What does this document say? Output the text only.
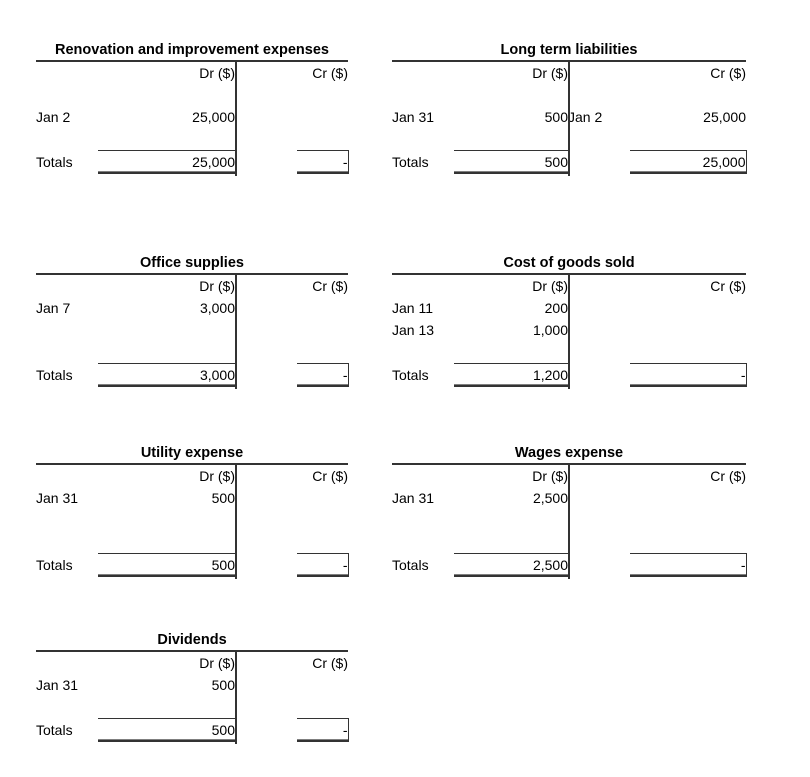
Renovation and improvement expenses
	Dr ($)		Cr ($)

Jan 2	25,000		

Totals	25,000		-
Long term liabilities
	Dr ($)		Cr ($)

Jan 31	500	Jan 2	25,000

Totals	500		25,000
Office supplies
	Dr ($)		Cr ($)
Jan 7	3,000		

Totals	3,000		-
Cost of goods sold
	Dr ($)		Cr ($)
Jan 11	200		
Jan 13	1,000		

Totals	1,200		-
Utility expense
	Dr ($)		Cr ($)
Jan 31	500		

Totals	500		-
Wages expense
	Dr ($)		Cr ($)
Jan 31	2,500		

Totals	2,500		-
Dividends
	Dr ($)		Cr ($)
Jan 31	500		

Totals	500		-
